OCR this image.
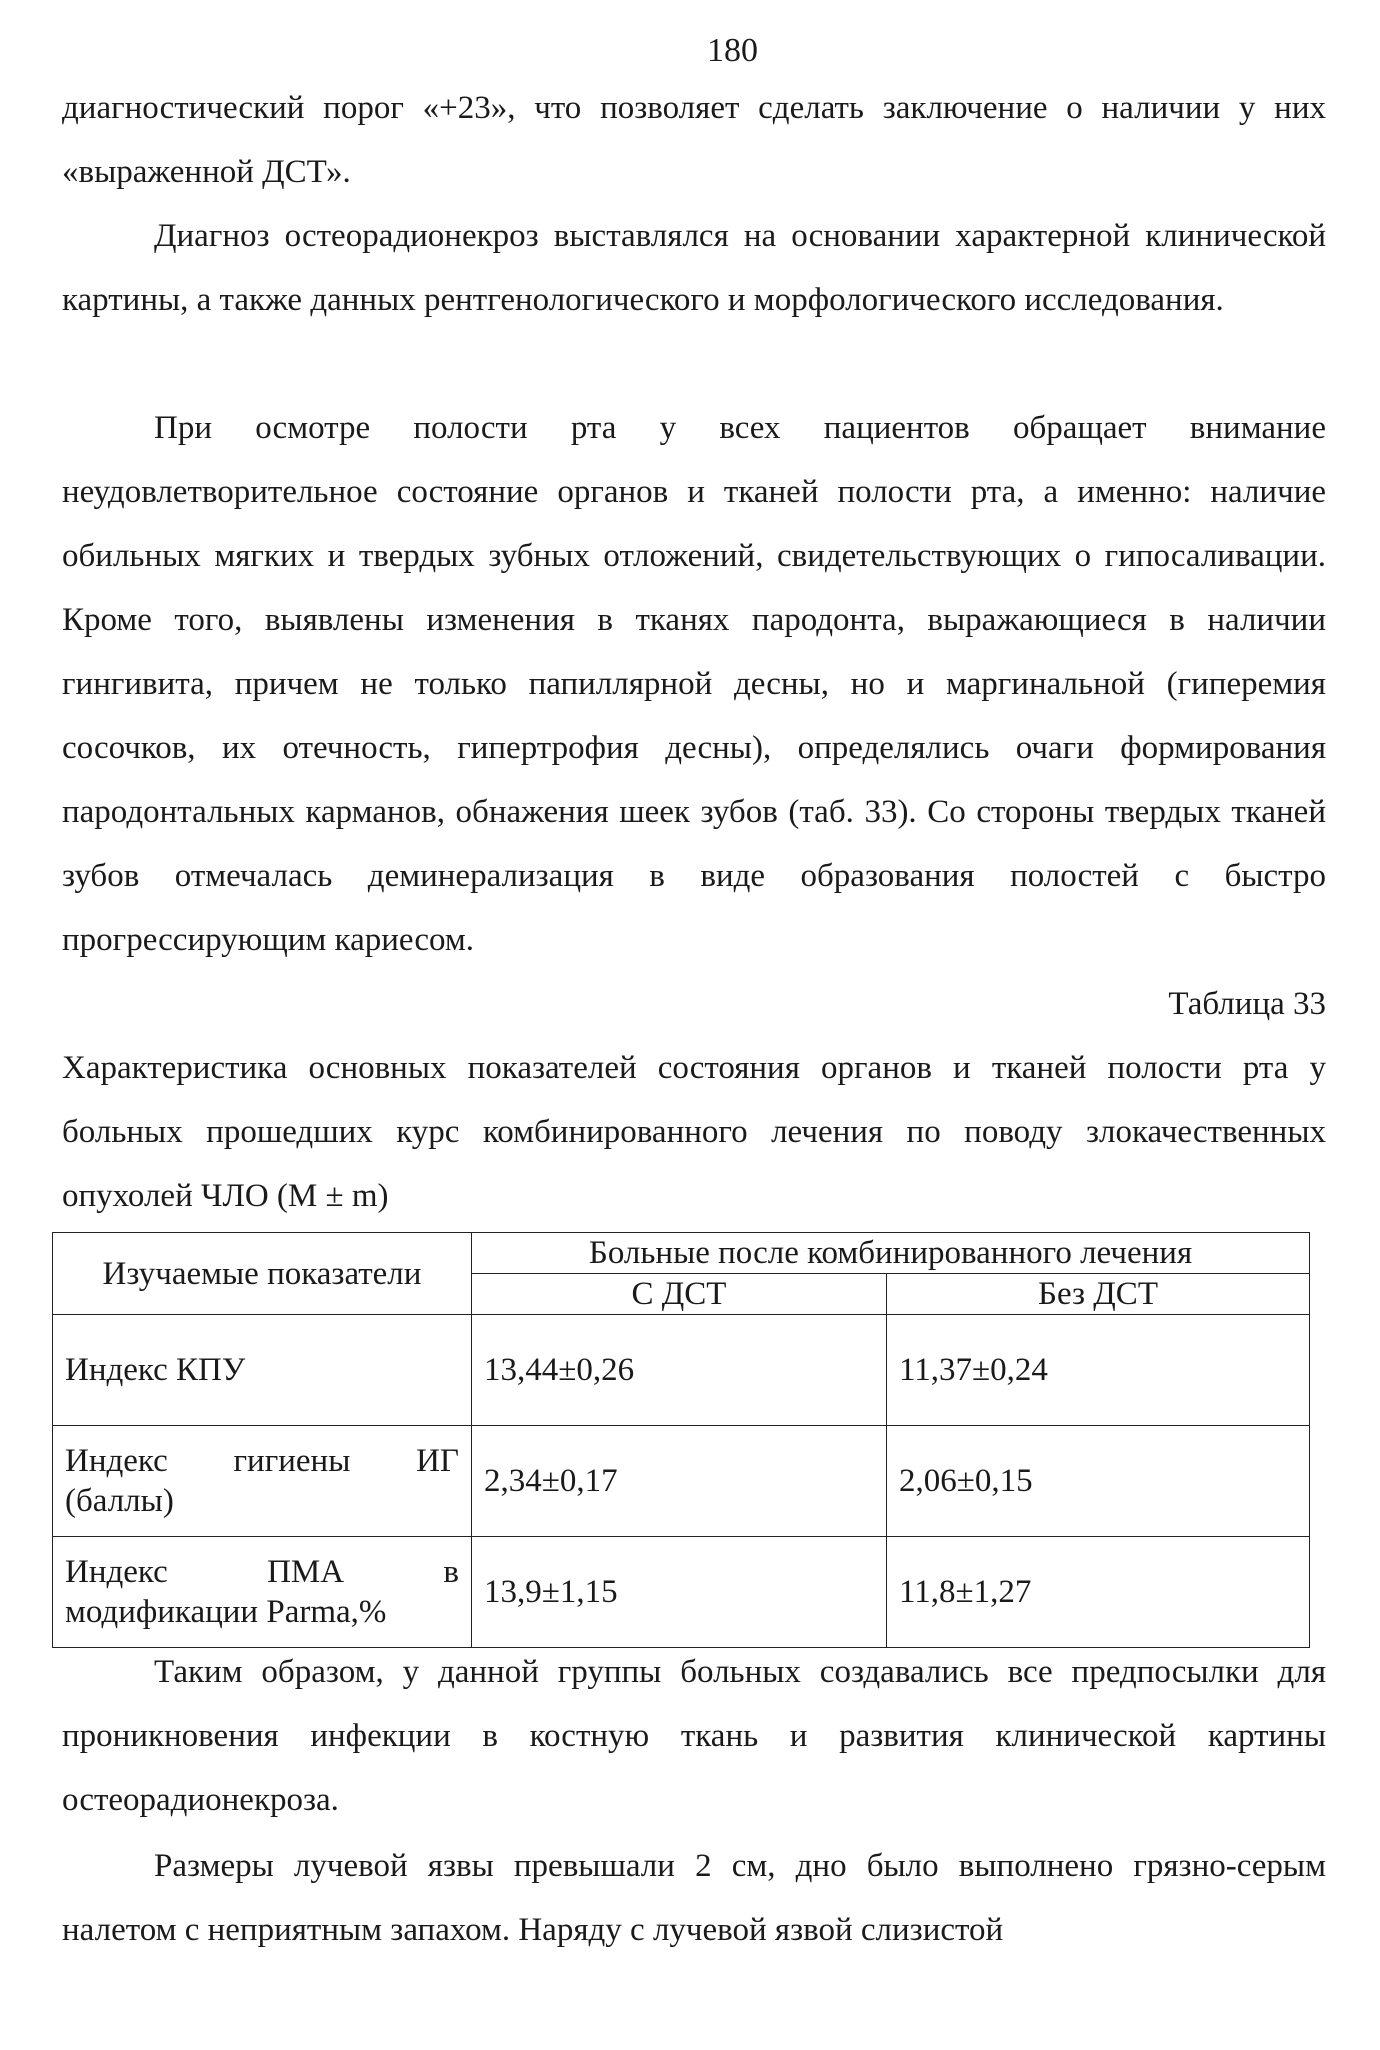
180
диагностический порог «+23», что позволяет сделать заключение о наличии у них «выраженной ДСТ».
Диагноз остеорадионекроз выставлялся на основании характерной клинической картины, а также данных рентгенологического и морфологического исследования.
При осмотре полости рта у всех пациентов обращает внимание неудовлетворительное состояние органов и тканей полости рта, а именно: наличие обильных мягких и твердых зубных отложений, свидетельствующих о гипосаливации. Кроме того, выявлены изменения в тканях пародонта, выражающиеся в наличии гингивита, причем не только папиллярной десны, но и маргинальной (гиперемия сосочков, их отечность, гипертрофия десны), определялись очаги формирования пародонтальных карманов, обнажения шеек зубов (таб. 33). Со стороны твердых тканей зубов отмечалась деминерализация в виде образования полостей с быстро прогрессирующим кариесом.
Таблица 33
Характеристика основных показателей состояния органов и тканей полости рта у больных прошедших курс комбинированного лечения по поводу злокачественных опухолей ЧЛО (M ± m)
Изучаемые показатели	Больные после комбинированного лечения	
	С ДСТ	Без ДСТ
Индекс КПУ	13,44±0,26	11,37±0,24
Индекс гигиены ИГ (баллы)	2,34±0,17	2,06±0,15
Индекс ПМА в модификации Parma,%	13,9±1,15	11,8±1,27
Таким образом, у данной группы больных создавались все предпосылки для проникновения инфекции в костную ткань и развития клинической картины остеорадионекроза.
Размеры лучевой язвы превышали 2 см, дно было выполнено грязно-серым налетом с неприятным запахом. Наряду с лучевой язвой слизистой
